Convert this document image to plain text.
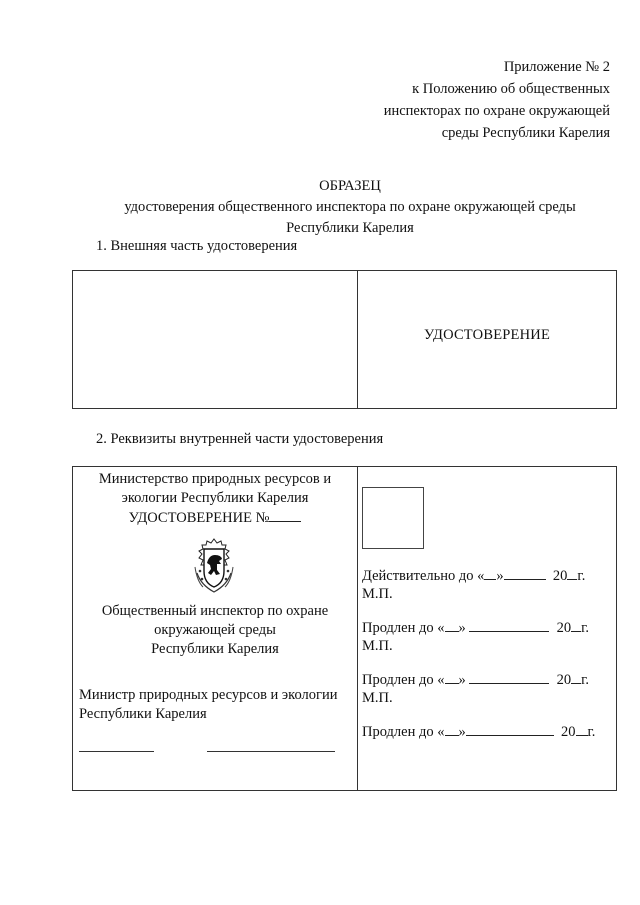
Приложение № 2
к Положению об общественных
инспекторах по охране окружающей
среды Республики Карелия
ОБРАЗЕЦ
удостоверения общественного инспектора по охране окружающей среды
Республики Карелия
1. Внешняя часть удостоверения
УДОСТОВЕРЕНИЕ
2. Реквизиты внутренней части удостоверения
Министерство природных ресурсов и
экологии Республики Карелия
УДОСТОВЕРЕНИЕ №
Общественный инспектор по охране
окружающей среды
Республики Карелия
Министр природных ресурсов и экологии
Республики Карелия
Действительно до « »	20 г.
М.П.
Продлен до « »	20 г.
М.П.
Продлен до « »	20 г.
М.П.
Продлен до « »	20 г.
